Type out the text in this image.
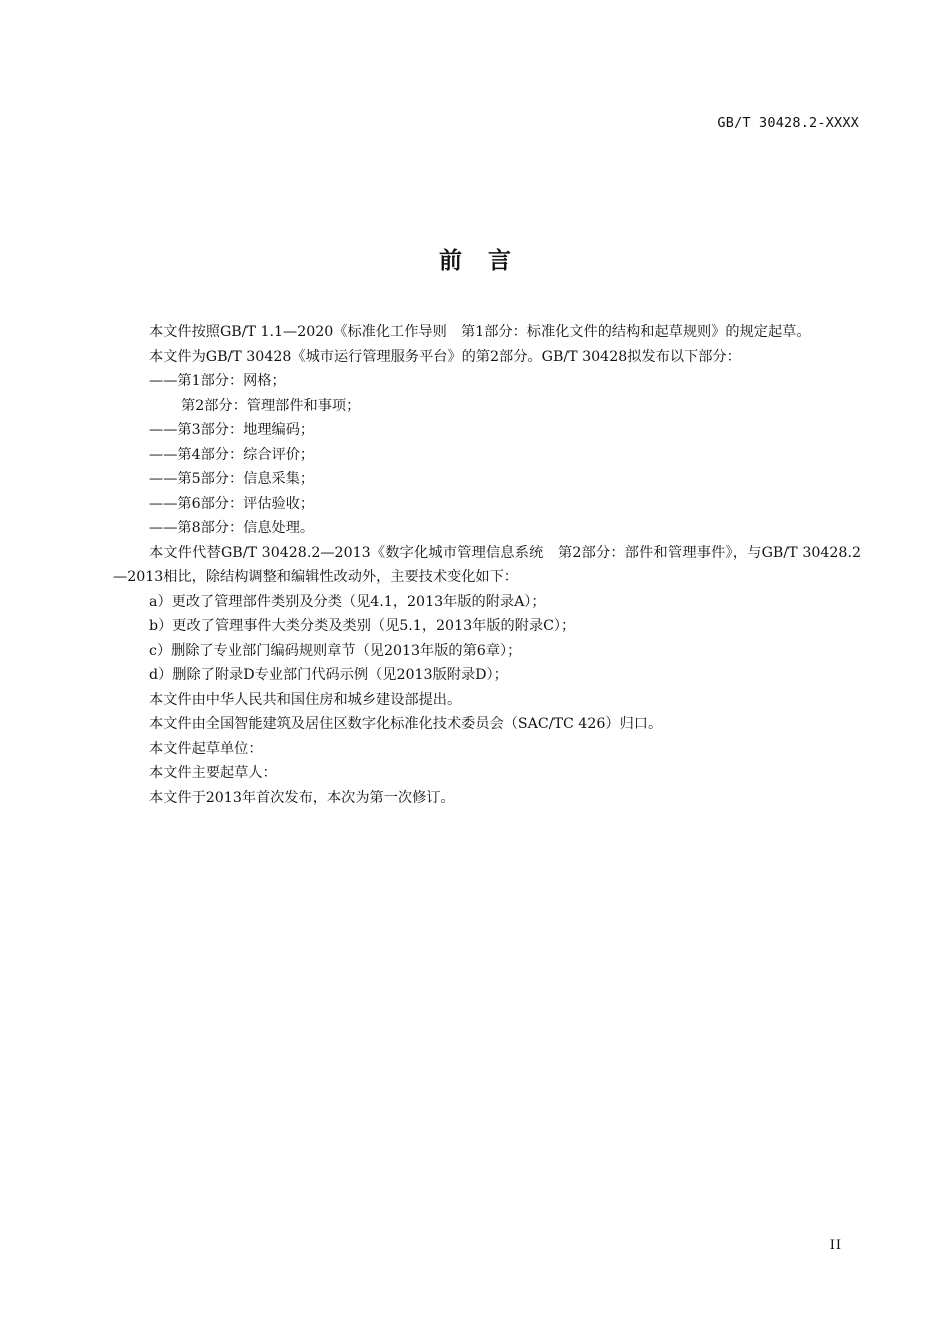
GB/T 30428.2-XXXX
前 言

本文件按照GB/T 1.1—2020《标准化工作导则　第1部分：标准化文件的结构和起草规则》的规定起草。

本文件为GB/T 30428《城市运行管理服务平台》的第2部分。GB/T 30428拟发布以下部分：

——第1部分：网格；

第2部分：管理部件和事项；

——第3部分：地理编码；

——第4部分：综合评价；

——第5部分：信息采集；

——第6部分：评估验收；

——第8部分：信息处理。

本文件代替GB/T 30428.2—2013《数字化城市管理信息系统　第2部分：部件和管理事件》，与GB/T 30428.2—2013相比，除结构调整和编辑性改动外，主要技术变化如下：

a）更改了管理部件类别及分类（见4.1，2013年版的附录A）；

b）更改了管理事件大类分类及类别（见5.1，2013年版的附录C）；

c）删除了专业部门编码规则章节（见2013年版的第6章）；

d）删除了附录D专业部门代码示例（见2013版附录D）；

本文件由中华人民共和国住房和城乡建设部提出。

本文件由全国智能建筑及居住区数字化标准化技术委员会（SAC/TC 426）归口。

本文件起草单位：

本文件主要起草人：

本文件于2013年首次发布，本次为第一次修订。

II
